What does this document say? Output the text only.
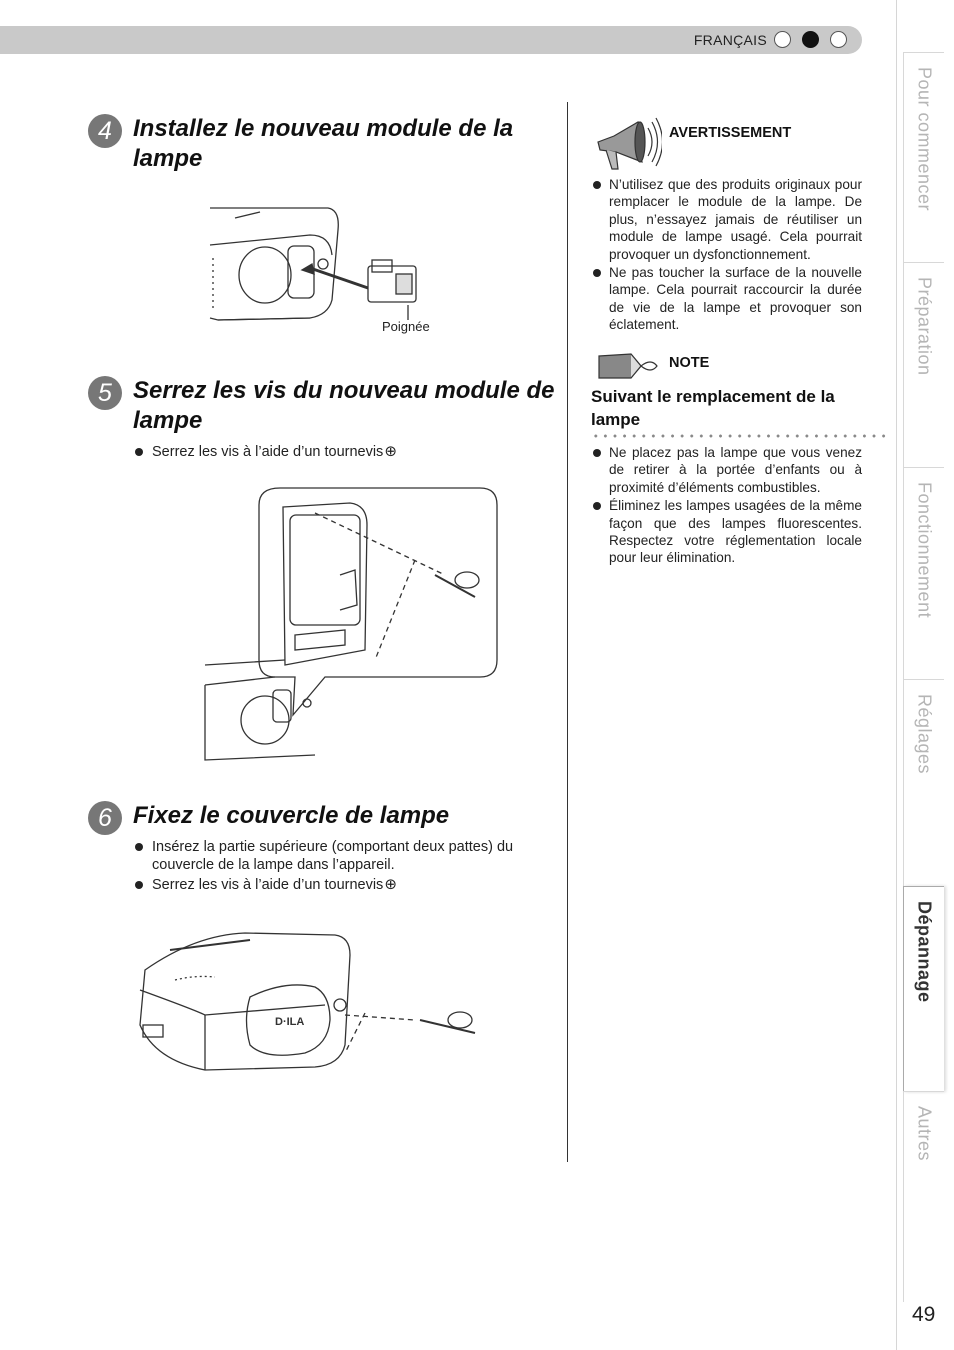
FRANÇAIS
Pour commencer
Préparation
Fonctionnement
Réglages
Dépannage
Autres
49
4 Installez le nouveau module de la lampe
Poignée
5 Serrez les vis du nouveau module de lampe
Serrez les vis à l’aide d’un tournevis⊕
6 Fixez le couvercle de lampe
Insérez la partie supérieure (comportant deux pattes) du couvercle de la lampe dans l’appareil.
Serrez les vis à l’aide d’un tournevis⊕
D·ILA
AVERTISSEMENT
N’utilisez que des produits originaux pour remplacer le module de la lampe. De plus, n’essayez jamais de réutiliser un module de lampe usagé. Cela pourrait provoquer un dysfonctionnement.
Ne pas toucher la surface de la nouvelle lampe. Cela pourrait raccourcir la durée de vie de la lampe et provoquer son éclatement.
NOTE
Suivant le remplacement de la lampe
Ne placez pas la lampe que vous venez de retirer à la portée d’enfants ou à proximité d’éléments combustibles.
Éliminez les lampes usagées de la même façon que des lampes fluorescentes. Respectez votre réglementation locale pour leur élimination.
